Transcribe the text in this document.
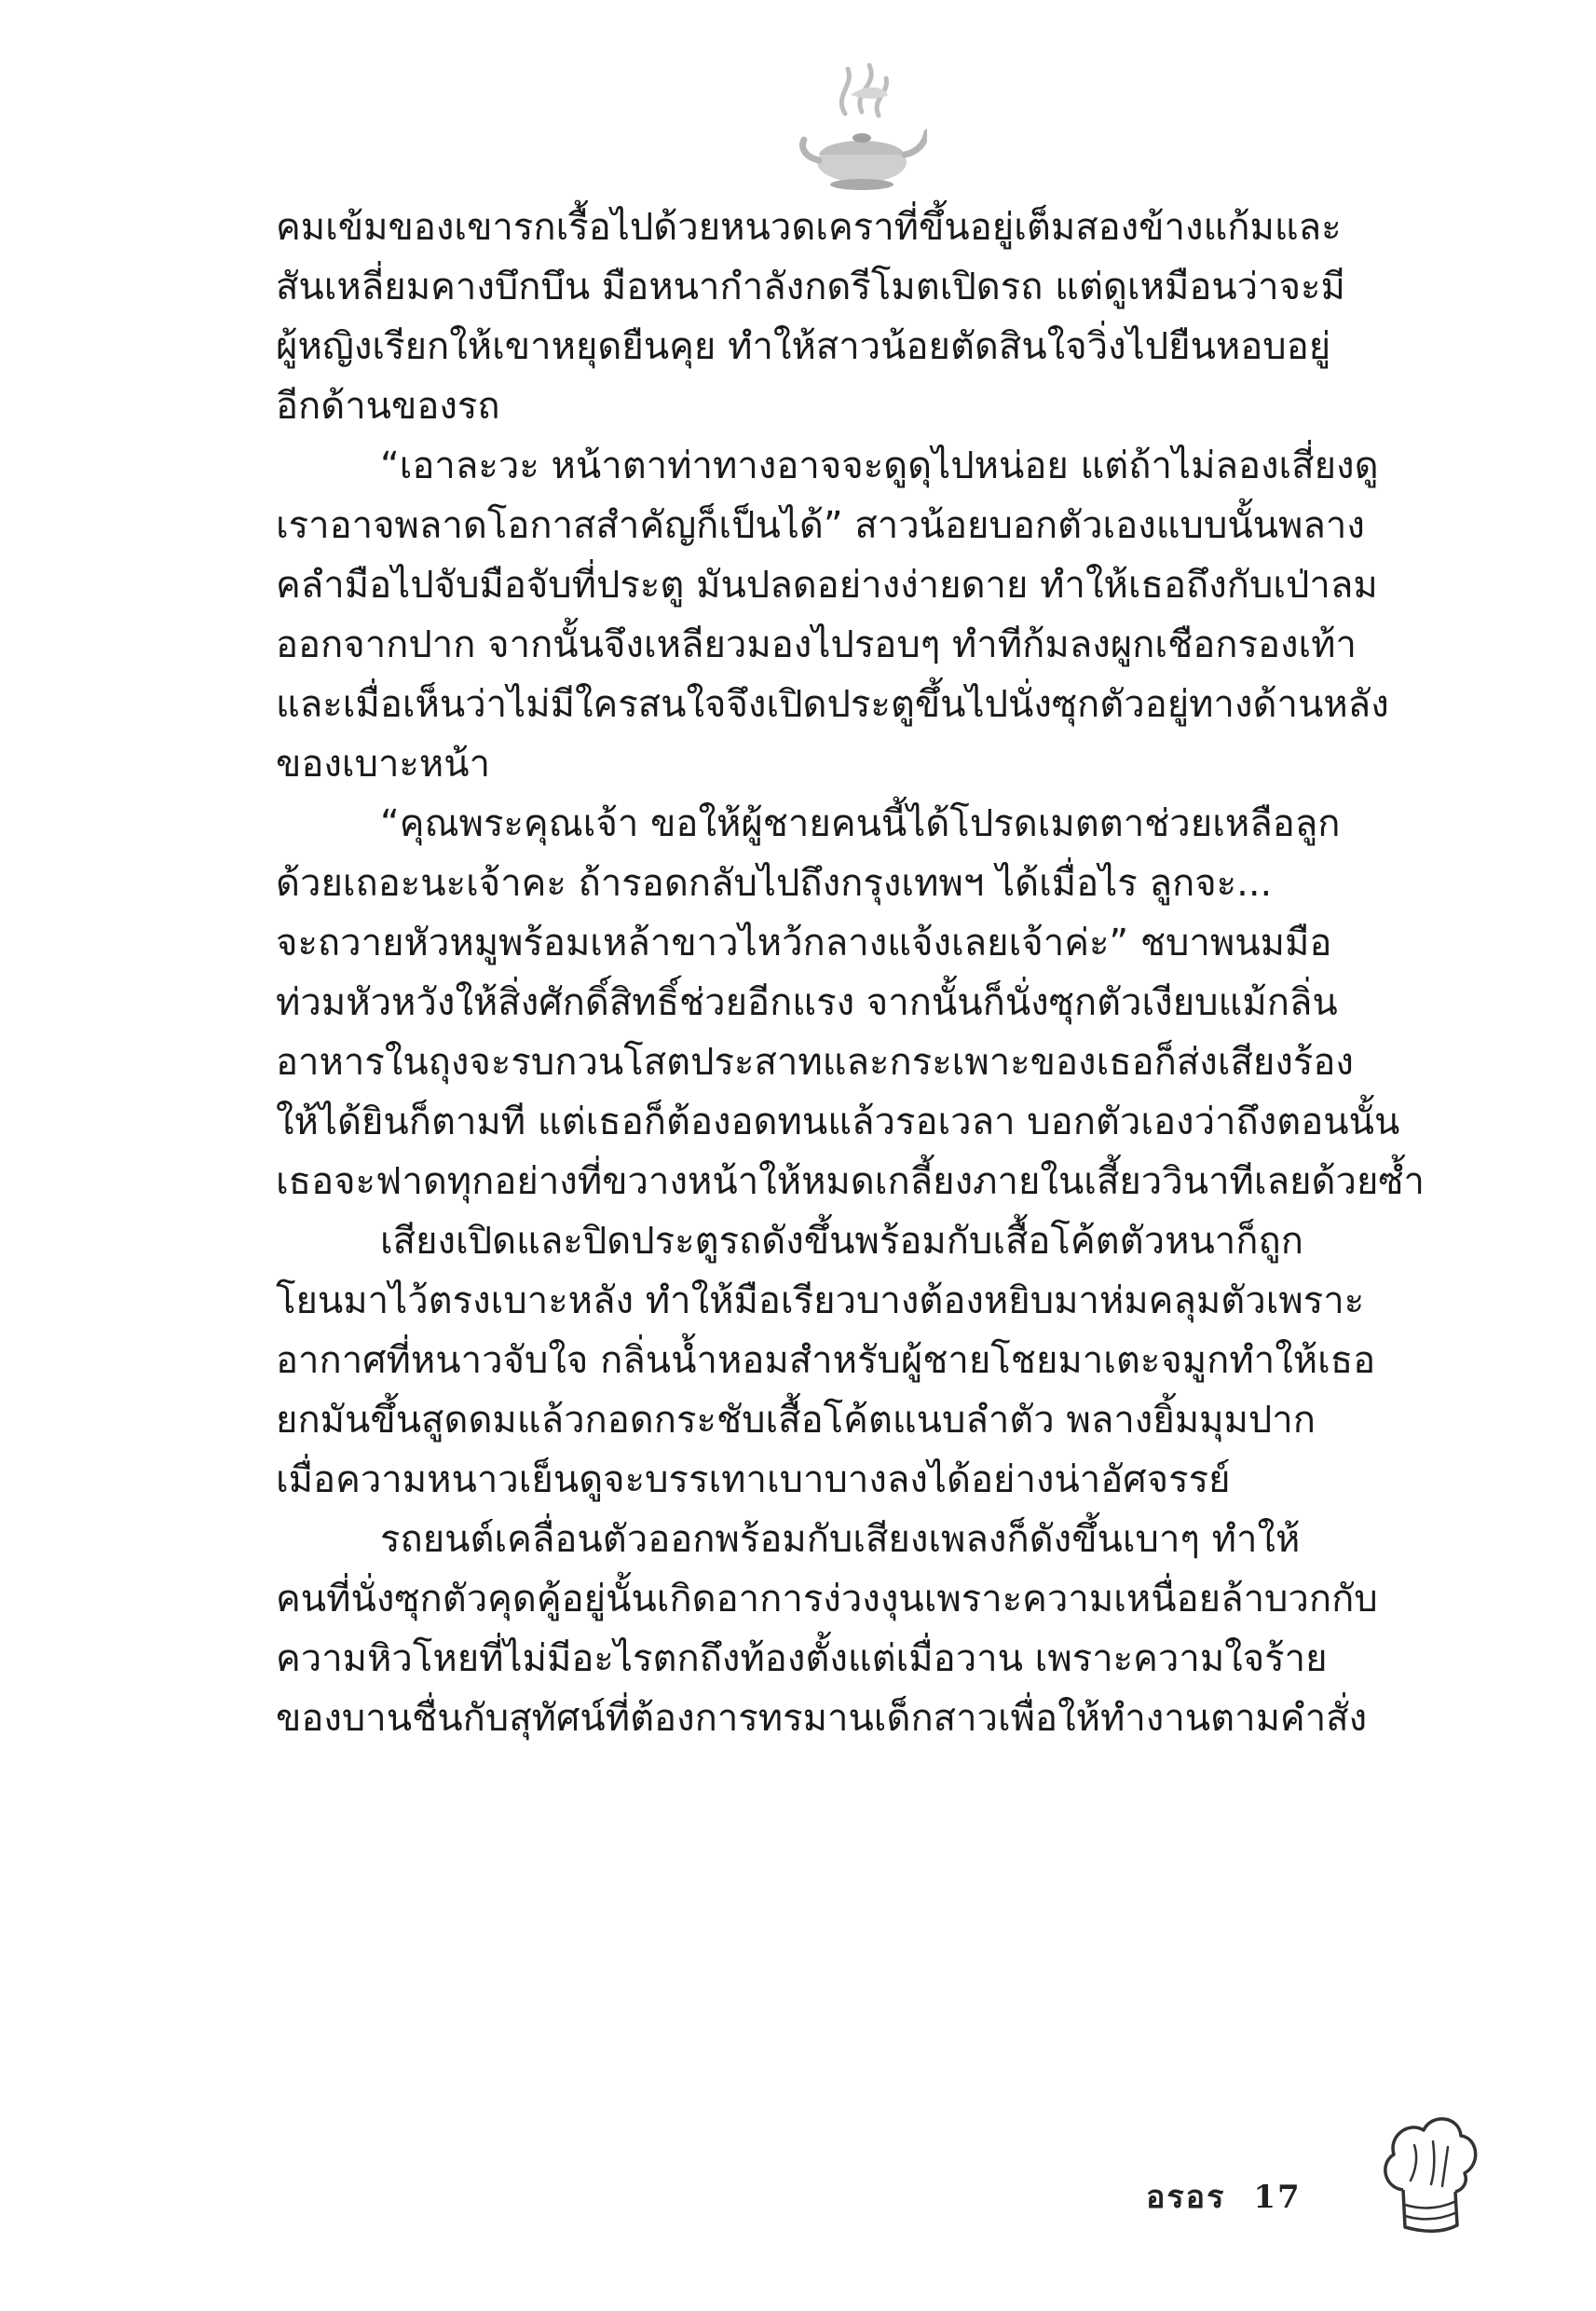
คมเข้มของเขารกเรื้อไปด้วยหนวดเคราที่ขึ้นอยู่เต็มสองข้างแก้มและ
สันเหลี่ยมคางบึกบึน มือหนากำลังกดรีโมตเปิดรถ แต่ดูเหมือนว่าจะมี
ผู้หญิงเรียกให้เขาหยุดยืนคุย ทำให้สาวน้อยตัดสินใจวิ่งไปยืนหอบอยู่
อีกด้านของรถ
“เอาละวะ หน้าตาท่าทางอาจจะดูดุไปหน่อย แต่ถ้าไม่ลองเสี่ยงดู
เราอาจพลาดโอกาสสำคัญก็เป็นได้” สาวน้อยบอกตัวเองแบบนั้นพลาง
คลำมือไปจับมือจับที่ประตู มันปลดอย่างง่ายดาย ทำให้เธอถึงกับเป่าลม
ออกจากปาก จากนั้นจึงเหลียวมองไปรอบๆ ทำทีก้มลงผูกเชือกรองเท้า
และเมื่อเห็นว่าไม่มีใครสนใจจึงเปิดประตูขึ้นไปนั่งซุกตัวอยู่ทางด้านหลัง
ของเบาะหน้า
“คุณพระคุณเจ้า ขอให้ผู้ชายคนนี้ได้โปรดเมตตาช่วยเหลือลูก
ด้วยเถอะนะเจ้าคะ ถ้ารอดกลับไปถึงกรุงเทพฯ ได้เมื่อไร ลูกจะ...
จะถวายหัวหมูพร้อมเหล้าขาวไหว้กลางแจ้งเลยเจ้าค่ะ” ชบาพนมมือ
ท่วมหัวหวังให้สิ่งศักดิ์สิทธิ์ช่วยอีกแรง จากนั้นก็นั่งซุกตัวเงียบแม้กลิ่น
อาหารในถุงจะรบกวนโสตประสาทและกระเพาะของเธอก็ส่งเสียงร้อง
ให้ได้ยินก็ตามที แต่เธอก็ต้องอดทนแล้วรอเวลา บอกตัวเองว่าถึงตอนนั้น
เธอจะฟาดทุกอย่างที่ขวางหน้าให้หมดเกลี้ยงภายในเสี้ยววินาทีเลยด้วยซ้ำ
เสียงเปิดและปิดประตูรถดังขึ้นพร้อมกับเสื้อโค้ตตัวหนาก็ถูก
โยนมาไว้ตรงเบาะหลัง ทำให้มือเรียวบางต้องหยิบมาห่มคลุมตัวเพราะ
อากาศที่หนาวจับใจ กลิ่นน้ำหอมสำหรับผู้ชายโชยมาเตะจมูกทำให้เธอ
ยกมันขึ้นสูดดมแล้วกอดกระชับเสื้อโค้ตแนบลำตัว พลางยิ้มมุมปาก
เมื่อความหนาวเย็นดูจะบรรเทาเบาบางลงได้อย่างน่าอัศจรรย์
รถยนต์เคลื่อนตัวออกพร้อมกับเสียงเพลงก็ดังขึ้นเบาๆ ทำให้
คนที่นั่งซุกตัวคุดคู้อยู่นั้นเกิดอาการง่วงงุนเพราะความเหนื่อยล้าบวกกับ
ความหิวโหยที่ไม่มีอะไรตกถึงท้องตั้งแต่เมื่อวาน เพราะความใจร้าย
ของบานชื่นกับสุทัศน์ที่ต้องการทรมานเด็กสาวเพื่อให้ทำงานตามคำสั่ง
อรอร 17
